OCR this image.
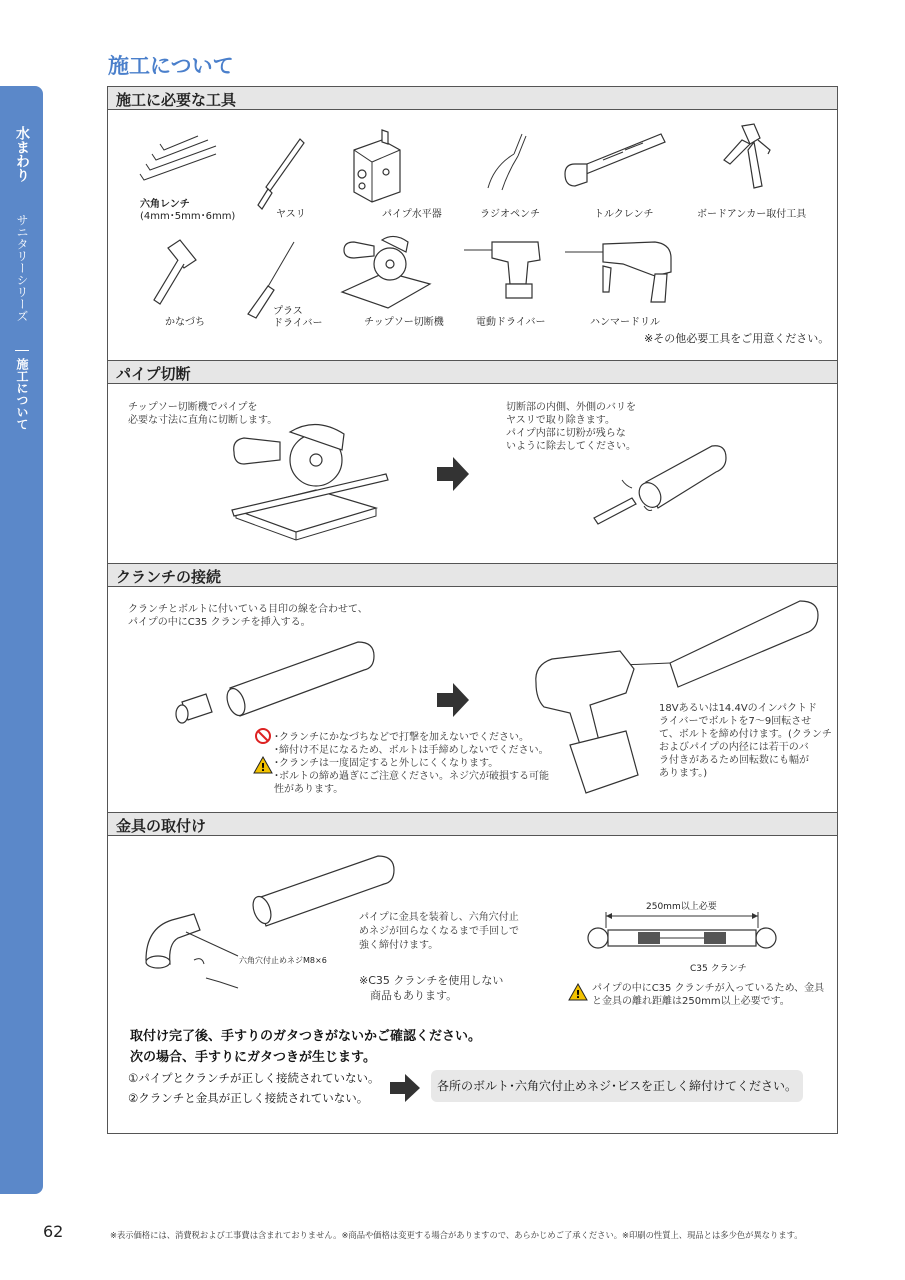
水まわり
サニタリーシリーズ
施工について
施工について
施工に必要な工具
パイプ切断
クランチの接続
金具の取付け
六角レンチ
(4mm･5mm･6mm)	ヤスリ	パイプ水平器	ラジオペンチ	トルクレンチ	ボードアンカー取付工具
かなづち
プラス
ドライバー	チップソー切断機	電動ドライバー	ハンマードリル
※その他必要工具をご用意ください。
チップソー切断機でパイプを
必要な寸法に直角に切断します。
切断部の内側、外側のバリを
ヤスリで取り除きます。
パイプ内部に切粉が残らな
いように除去してください。
クランチとボルトに付いている目印の線を合わせて、
パイプの中にC35 クランチを挿入する。
18Vあるいは14.4Vのインパクトド
ライバーでボルトを7～9回転させ
て、ボルトを締め付けます。(クランチ
およびパイプの内径には若干のバ
ラ付きがあるため回転数にも幅が
あります。)
･クランチにかなづちなどで打撃を加えないでください。
!
･締付け不足になるため、ボルトは手締めしないでください。
･クランチは一度固定すると外しにくくなります。
･ボルトの締め過ぎにご注意ください。ネジ穴が破損する可能
性があります。
六角穴付止めネジM8×6
パイプに金具を装着し、六角穴付止
めネジが回らなくなるまで手回しで
強く締付けます。
※C35 クランチを使用しない
　商品もあります。
250mm以上必要
C35 クランチ
! パイプの中にC35 クランチが入っているため、金具
と金具の離れ距離は250mm以上必要です。
取付け完了後、手すりのガタつきがないかご確認ください。
次の場合、手すりにガタつきが生じます。
①パイプとクランチが正しく接続されていない。
②クランチと金具が正しく接続されていない。
各所のボルト･六角穴付止めネジ･ビスを正しく締付けてください。
62	※表示価格には、消費税および工事費は含まれておりません。※商品や価格は変更する場合がありますので、あらかじめご了承ください。※印刷の性質上、現品とは多少色が異なります。
